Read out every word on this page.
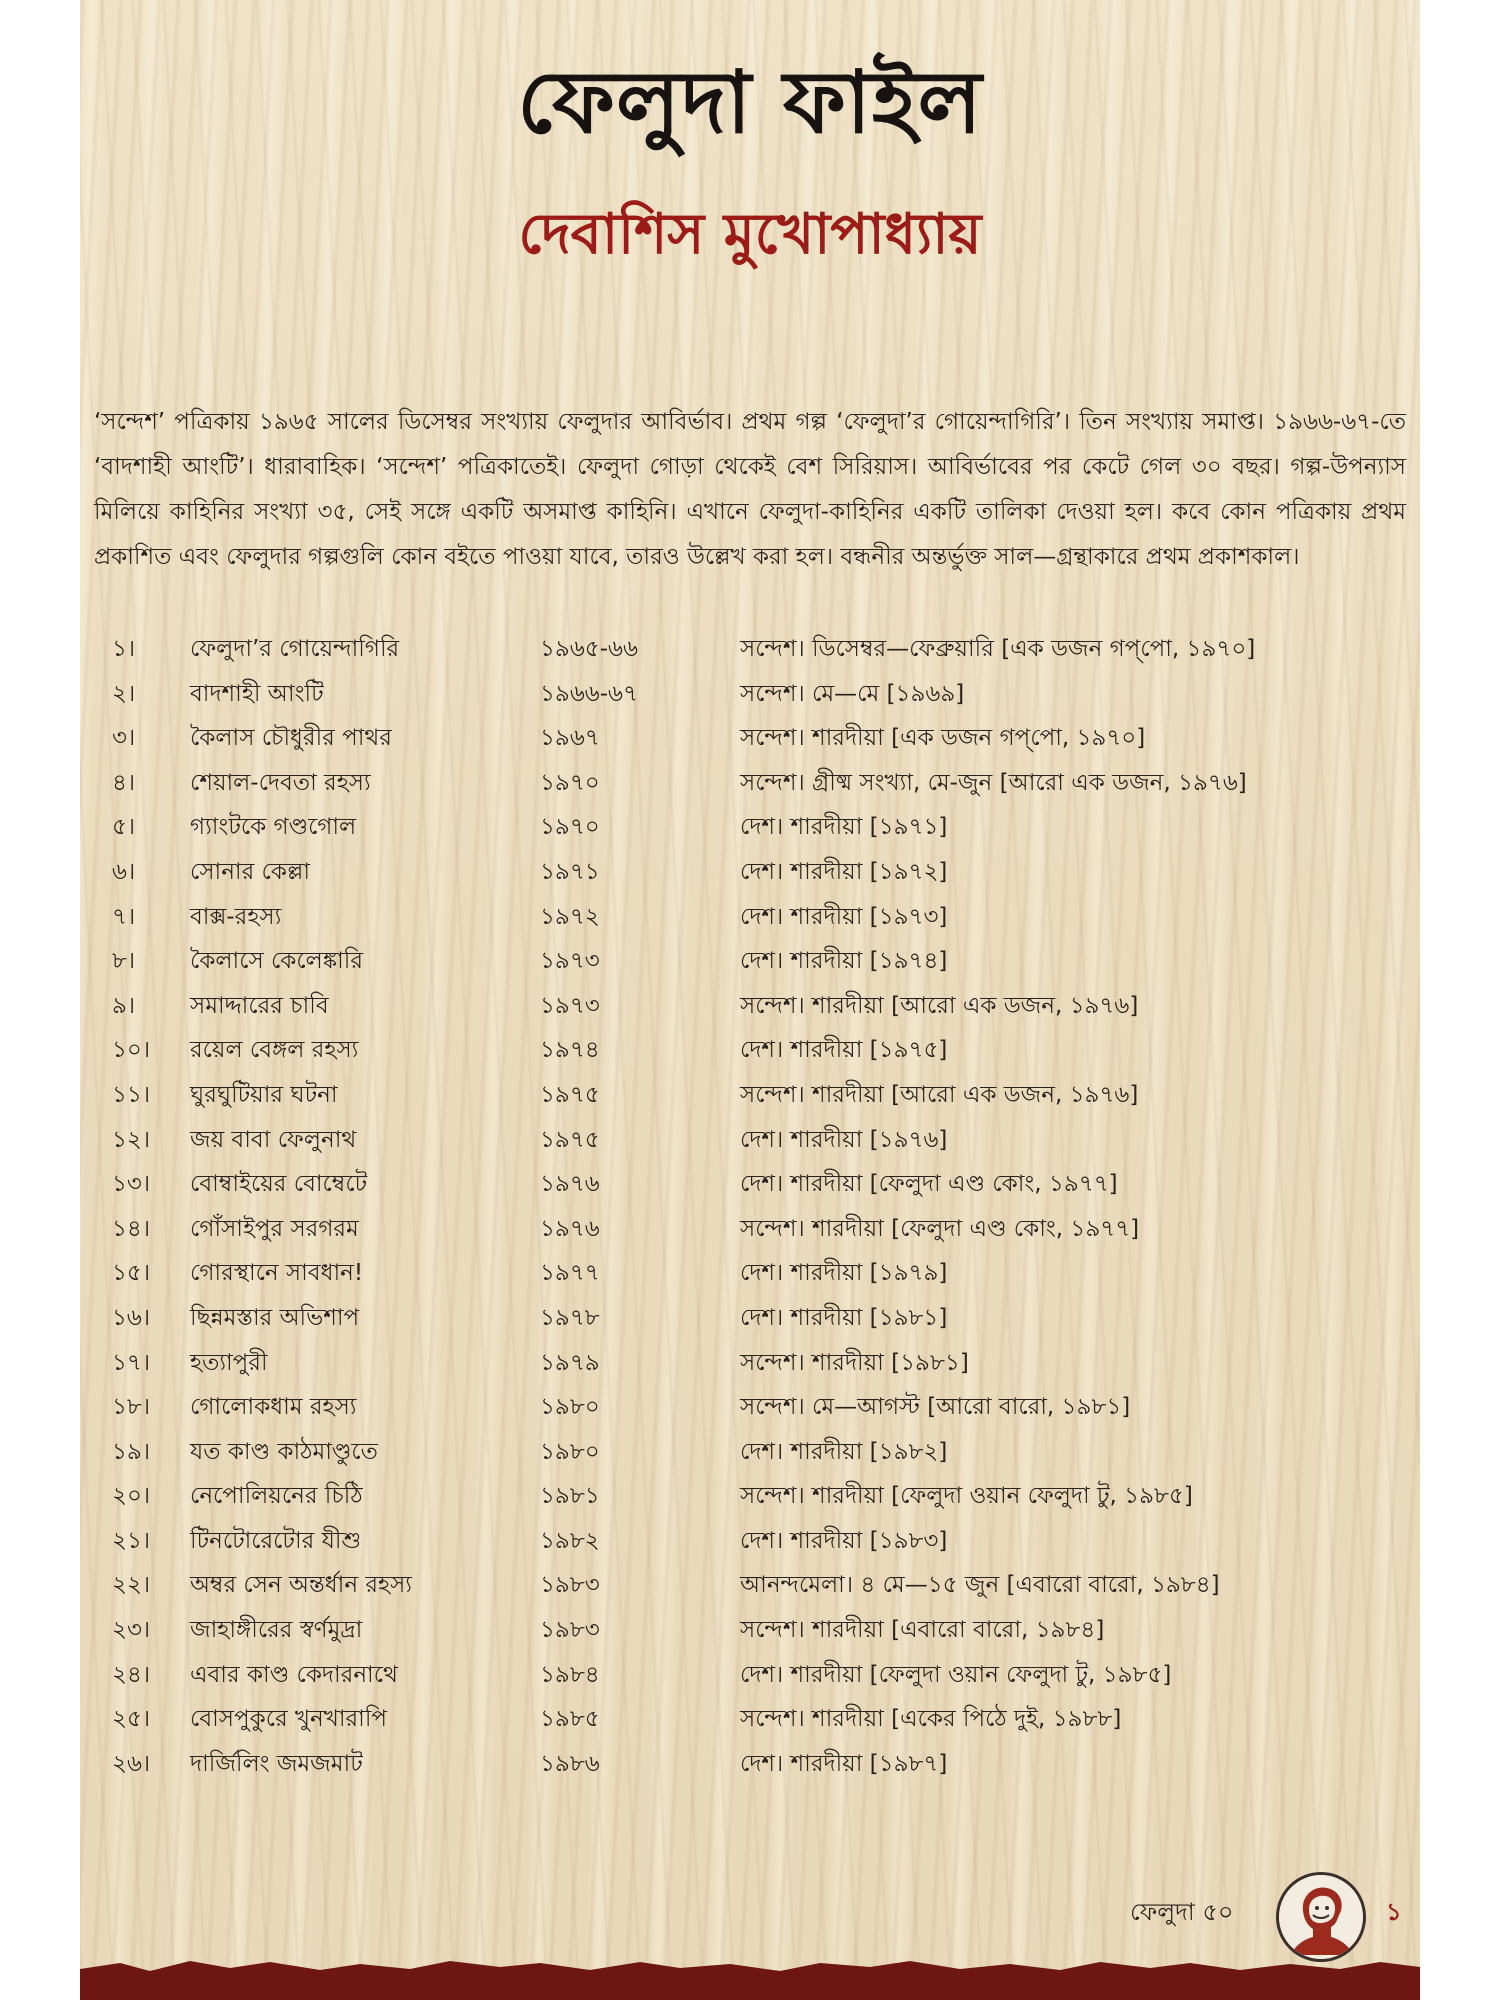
ফেলুদা ফাইল
দেবাশিস মুখোপাধ্যায়
‘সন্দেশ’ পত্রিকায় ১৯৬৫ সালের ডিসেম্বর সংখ্যায় ফেলুদার আবির্ভাব। প্রথম গল্প ‘ফেলুদা’র গোয়েন্দাগিরি’। তিন সংখ্যায় সমাপ্ত। ১৯৬৬-৬৭-তে ‘বাদশাহী আংটি’। ধারাবাহিক। ‘সন্দেশ’ পত্রিকাতেই। ফেলুদা গোড়া থেকেই বেশ সিরিয়াস। আবির্ভাবের পর কেটে গেল ৩০ বছর। গল্প-উপন্যাস মিলিয়ে কাহিনির সংখ্যা ৩৫, সেই সঙ্গে একটি অসমাপ্ত কাহিনি। এখানে ফেলুদা-কাহিনির একটি তালিকা দেওয়া হল। কবে কোন পত্রিকায় প্রথম প্রকাশিত এবং ফেলুদার গল্পগুলি কোন বইতে পাওয়া যাবে, তারও উল্লেখ করা হল। বন্ধনীর অন্তর্ভুক্ত সাল—গ্রন্থাকারে প্রথম প্রকাশকাল।
১। ফেলুদা’র গোয়েন্দাগিরি	১৯৬৫-৬৬	সন্দেশ। ডিসেম্বর—ফেব্রুয়ারি [এক ডজন গপ্‌পো, ১৯৭০]
২। বাদশাহী আংটি	১৯৬৬-৬৭	সন্দেশ। মে—মে [১৯৬৯]
৩। কৈলাস চৌধুরীর পাথর	১৯৬৭	সন্দেশ। শারদীয়া [এক ডজন গপ্‌পো, ১৯৭০]
৪। শেয়াল-দেবতা রহস্য	১৯৭০	সন্দেশ। গ্রীষ্ম সংখ্যা, মে-জুন [আরো এক ডজন, ১৯৭৬]
৫। গ্যাংটকে গণ্ডগোল	১৯৭০	দেশ। শারদীয়া [১৯৭১]
৬। সোনার কেল্লা	১৯৭১	দেশ। শারদীয়া [১৯৭২]
৭। বাক্স-রহস্য	১৯৭২	দেশ। শারদীয়া [১৯৭৩]
৮। কৈলাসে কেলেঙ্কারি	১৯৭৩	দেশ। শারদীয়া [১৯৭৪]
৯। সমাদ্দারের চাবি	১৯৭৩	সন্দেশ। শারদীয়া [আরো এক ডজন, ১৯৭৬]
১০। রয়েল বেঙ্গল রহস্য	১৯৭৪	দেশ। শারদীয়া [১৯৭৫]
১১। ঘুরঘুটিয়ার ঘটনা	১৯৭৫	সন্দেশ। শারদীয়া [আরো এক ডজন, ১৯৭৬]
১২। জয় বাবা ফেলুনাথ	১৯৭৫	দেশ। শারদীয়া [১৯৭৬]
১৩। বোম্বাইয়ের বোম্বেটে	১৯৭৬	দেশ। শারদীয়া [ফেলুদা এণ্ড কোং, ১৯৭৭]
১৪। গোঁসাইপুর সরগরম	১৯৭৬	সন্দেশ। শারদীয়া [ফেলুদা এণ্ড কোং, ১৯৭৭]
১৫। গোরস্থানে সাবধান!	১৯৭৭	দেশ। শারদীয়া [১৯৭৯]
১৬। ছিন্নমস্তার অভিশাপ	১৯৭৮	দেশ। শারদীয়া [১৯৮১]
১৭। হত্যাপুরী	১৯৭৯	সন্দেশ। শারদীয়া [১৯৮১]
১৮। গোলোকধাম রহস্য	১৯৮০	সন্দেশ। মে—আগস্ট [আরো বারো, ১৯৮১]
১৯। যত কাণ্ড কাঠমাণ্ডুতে	১৯৮০	দেশ। শারদীয়া [১৯৮২]
২০। নেপোলিয়নের চিঠি	১৯৮১	সন্দেশ। শারদীয়া [ফেলুদা ওয়ান ফেলুদা টু, ১৯৮৫]
২১। টিনটোরেটোর যীশু	১৯৮২	দেশ। শারদীয়া [১৯৮৩]
২২। অম্বর সেন অন্তর্ধান রহস্য	১৯৮৩	আনন্দমেলা। ৪ মে—১৫ জুন [এবারো বারো, ১৯৮৪]
২৩। জাহাঙ্গীরের স্বর্ণমুদ্রা	১৯৮৩	সন্দেশ। শারদীয়া [এবারো বারো, ১৯৮৪]
২৪। এবার কাণ্ড কেদারনাথে	১৯৮৪	দেশ। শারদীয়া [ফেলুদা ওয়ান ফেলুদা টু, ১৯৮৫]
২৫। বোসপুকুরে খুনখারাপি	১৯৮৫	সন্দেশ। শারদীয়া [একের পিঠে দুই, ১৯৮৮]
২৬। দার্জিলিং জমজমাট	১৯৮৬	দেশ। শারদীয়া [১৯৮৭]
ফেলুদা ৫০	১
